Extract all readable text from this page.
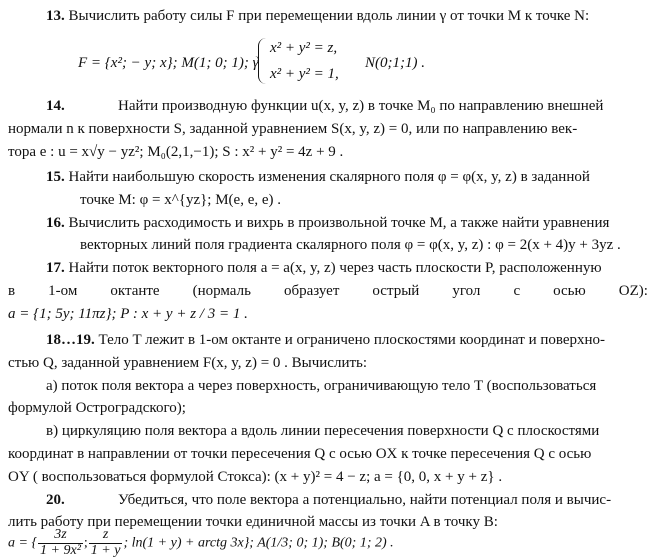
13. Вычислить работу силы F при перемещении вдоль линии γ от точки M к точке N:
F = {x²; − y; x}; M(1; 0; 1); γ
x² + y² = z,
x² + y² = 1,
N(0;1;1) .
14.	Найти производную функции u(x, y, z) в точке M₀ по направлению внешней
нормали n к поверхности S, заданной уравнением S(x, y, z) = 0, или по направлению век-
тора e : u = x√y − yz²; M₀(2,1,−1); S : x² + y² = 4z + 9 .
15. Найти наибольшую скорость изменения скалярного поля φ = φ(x, y, z) в заданной
точке M: φ = x^{yz}; M(e, e, e) .
16. Вычислить расходимость и вихрь в произвольной точке M, а также найти уравнения
векторных линий поля градиента скалярного поля φ = φ(x, y, z) : φ = 2(x + 4)y + 3yz .
17. Найти поток векторного поля a = a(x, y, z) через часть плоскости P, расположенную
в 1-ом октанте (нормаль образует острый угол с осью OZ):
a = {1; 5y; 11πz}; P : x + y + z / 3 = 1 .
18…19. Тело T лежит в 1-ом октанте и ограничено плоскостями координат и поверхно-
стью Q, заданной уравнением F(x, y, z) = 0 . Вычислить:
а) поток поля вектора a через поверхность, ограничивающую тело T (воспользоваться
формулой Остроградского);
в) циркуляцию поля вектора a вдоль линии пересечения поверхности Q с плоскостями
координат в направлении от точки пересечения Q с осью OX к точке пересечения Q с осью
OY ( воспользоваться формулой Стокса): (x + y)² = 4 − z; a = {0, 0, x + y + z} .
20.	Убедиться, что поле вектора a потенциально, найти потенциал поля и вычис-
лить работу при перемещении точки единичной массы из точки A в точку B:
a = { $\frac{3z}{\text{1 + 9x²}}$ ; $\frac{z}{1 + y}$ ; ln(1 + y) + arctg 3x}; A(1/3; 0; 1); B(0; 1; 2) .
